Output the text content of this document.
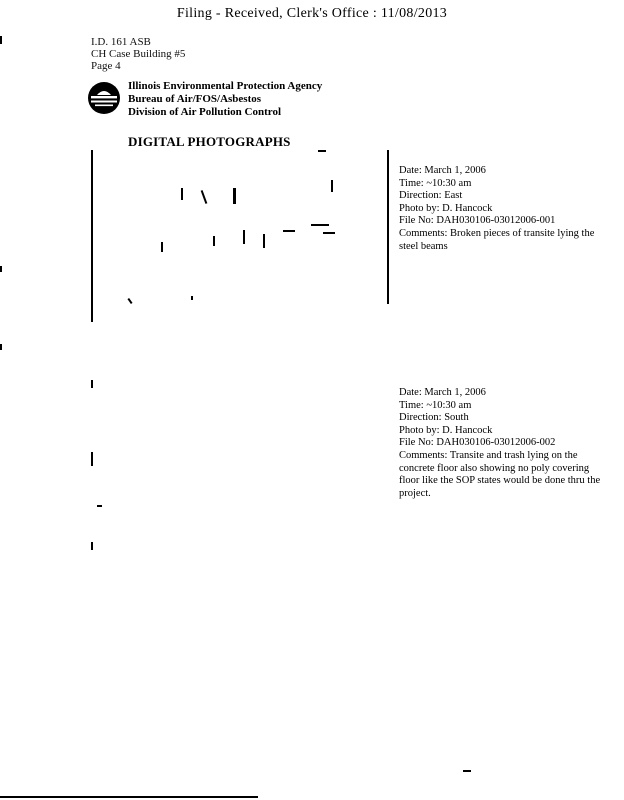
Filing - Received, Clerk's Office : 11/08/2013
I.D. 161 ASB
CH Case Building #5
Page 4
Illinois Environmental Protection Agency
Bureau of Air/FOS/Asbestos
Division of Air Pollution Control
DIGITAL PHOTOGRAPHS
Date: March 1, 2006
Time: ~10:30 am
Direction: East
Photo by: D. Hancock
File No: DAH030106-03012006-001
Comments: Broken pieces of transite lying the steel beams
Date: March 1, 2006
Time: ~10:30 am
Direction: South
Photo by: D. Hancock
File No: DAH030106-03012006-002
Comments: Transite and trash lying on the concrete floor also showing no poly covering floor like the SOP states would be done thru the project.
